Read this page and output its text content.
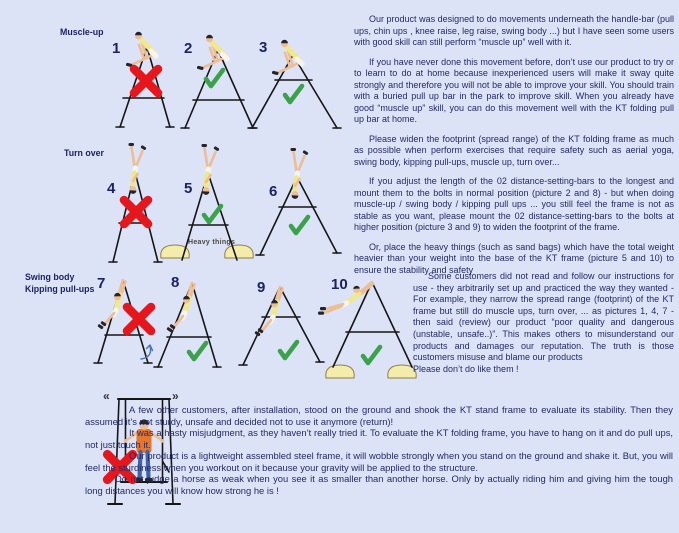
Muscle-up
1	2	3
Turn over
4	5	6
Heavy things
Swing body
Kipping pull-ups 7	8	9	10
«	»

Our product was designed to do movements underneath the handle-bar (pull ups, chin ups , knee raise, leg raise, swing body ...) but I have seen some users with good skill can still perform “muscle up” well with it.

If you have never done this movement before, don’t use our product to try or to learn to do at home because inexperienced users will make it sway quite strongly and therefore you will not be able to improve your skill. You should train with a buried pull up bar in the park to improve skill. When you already have good “muscle up” skill, you can do this movement well with the KT folding pull up bar at home.

Please widen the footprint (spread range) of the KT folding frame as much as possible when perform exercises that require safety such as aerial yoga, swing body, kipping pull-ups, muscle up, turn over...

If you adjust the length of the 02 distance-setting-bars to the longest and mount them to the bolts in normal position (picture 2 and 8) - but when doing muscle-up / swing body / kipping pull ups ... you still feel the frame is not as stable as you want, please mount the 02 distance-setting-bars to the bolts at higher position (picture 3 and 9) to widen the footprint of the frame.

Or, place the heavy things (such as sand bags) which have the total weight heavier than your weight into the base of the KT frame (picture 5 and 10) to ensure the stability and safety

Some customers did not read and follow our instructions for use - they arbitrarily set up and practiced the way they wanted - For example, they narrow the spread range (footprint) of the KT frame but still do muscle ups, turn over, ... as pictures 1, 4, 7 - then said (review) our product “poor quality and dangerous (unstable, unsafe..)”. This makes others to misunderstand our products and damages our reputation. The truth is those customers misuse and blame our products

Please don’t do like them !

A few other customers, after installation, stood on the ground and shook the KT stand frame to evaluate its stability. Then they assumed it’s not sturdy, unsafe and decided not to use it anymore (return)!

It was a hasty misjudgment, as they haven’t really tried it. To evaluate the KT folding frame, you have to hang on it and do pull ups, not just touch it.

Our product is a lightweight assembled steel frame, it will wobble strongly when you stand on the ground and shake it. But, you will feel the sturdiness when you workout on it because your gravity will be applied to the structure.

Do not judge a horse as weak when you see it as smaller than another horse. Only by actually riding him and giving him the tough long distances you will know how strong he is !
